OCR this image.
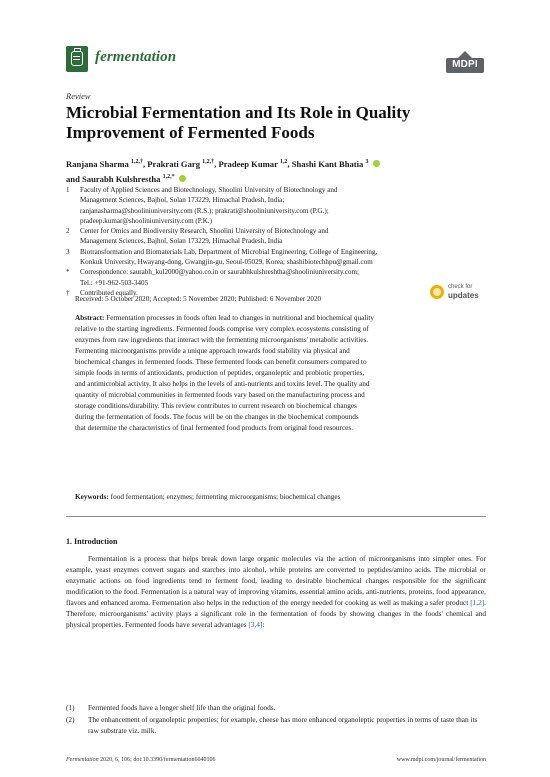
fermentation	MDPI
Review
Microbial Fermentation and Its Role in Quality
Improvement of Fermented Foods
Ranjana Sharma $^{1,2,\dagger}$, Prakrati Garg $^{1,2,\dagger}$, Pradeep Kumar $^{1,2}$, Shashi Kant Bhatia $^3$
and Saurabh Kulshrestha $^{1,2,*}$
1	Faculty of Applied Sciences and Biotechnology, Shoolini University of Biotechnology and
Management Sciences, Bajhol, Solan 173229, Himachal Pradesh, India;
ranjanasharma@shooliniuniversity.com (R.S.); prakrati@shooliniuniversity.com (P.G.);
pradeep.kumar@shooliniuniversity.com (P.K.)
2	Center for Omics and Biodiversity Research, Shoolini University of Biotechnology and
Management Sciences, Bajhol, Solan 173229, Himachal Pradesh, India
3	Biotransformation and Biomaterials Lab, Department of Microbial Engineering, College of Engineering,
Konkuk University, Hwayang-dong, Gwangjin-gu, Seoul-05029, Korea; shashibiotechhpu@gmail.com
*	Correspondence: saurabh_kul2000@yahoo.co.in or saurabhkulshreshtha@shooliniuniversity.com;
Tel.: +91-962-503-3405
†	Contributed equally.
Received: 5 October 2020; Accepted: 5 November 2020; Published: 6 November 2020
check for
updates
Abstract: Fermentation processes in foods often lead to changes in nutritional and biochemical quality
relative to the starting ingredients. Fermented foods comprise very complex ecosystems consisting of
enzymes from raw ingredients that interact with the fermenting microorganisms' metabolic activities.
Fermenting microorganisms provide a unique approach towards food stability via physical and
biochemical changes in fermented foods. These fermented foods can benefit consumers compared to
simple foods in terms of antioxidants, production of peptides, organoleptic and probiotic properties,
and antimicrobial activity. It also helps in the levels of anti-nutrients and toxins level. The quality and
quantity of microbial communities in fermented foods vary based on the manufacturing process and
storage conditions/durability. This review contributes to current research on biochemical changes
during the fermentation of foods. The focus will be on the changes in the biochemical compounds
that determine the characteristics of final fermented food products from original food resources.
Keywords: food fermentation; enzymes; fermenting microorganisms; biochemical changes
1. Introduction

Fermentation is a process that helps break down large organic molecules via the action of microorganisms into simpler ones. For example, yeast enzymes convert sugars and starches into alcohol, while proteins are converted to peptides/amino acids. The microbial or enzymatic actions on food ingredients tend to ferment food, leading to desirable biochemical changes responsible for the significant modification to the food. Fermentation is a natural way of improving vitamins, essential amino acids, anti-nutrients, proteins, food appearance, flavors and enhanced aroma. Fermentation also helps in the reduction of the energy needed for cooking as well as making a safer product [1,2]. Therefore, microorganisms' activity plays a significant role in the fermentation of foods by showing changes in the foods' chemical and physical properties. Fermented foods have several advantages [3,4]:

(1) Fermented foods have a longer shelf life than the original foods.
(2) The enhancement of organoleptic properties; for example, cheese has more enhanced organoleptic properties in terms of taste than its raw substrate viz. milk.
Fermentation 2020, 6, 106; doi:10.3390/fermentation6040106	www.mdpi.com/journal/fermentation
